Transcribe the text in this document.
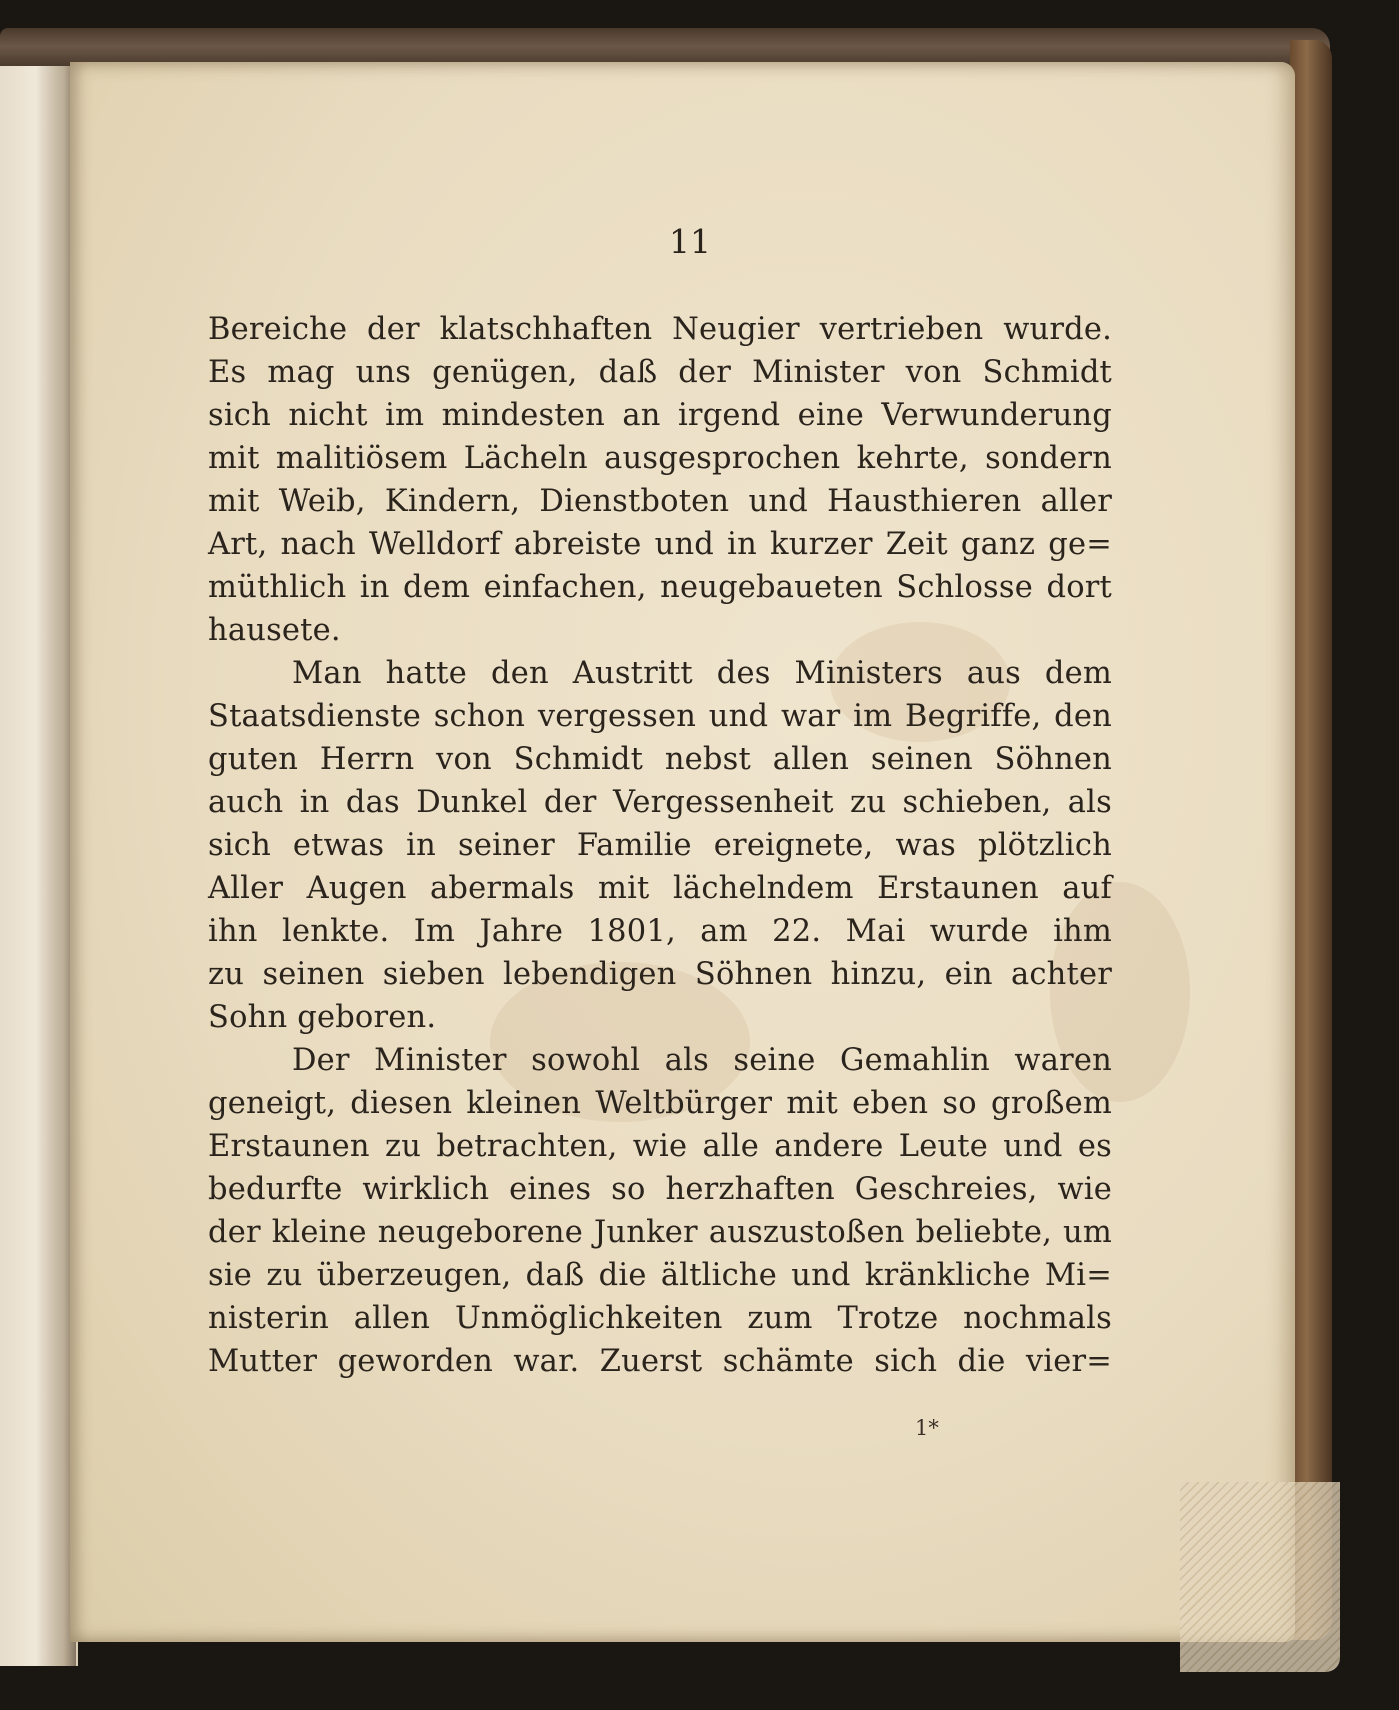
11

Bereiche der klatschhaften Neugier vertrieben wurde.
Es mag uns genügen, daß der Minister von Schmidt
sich nicht im mindesten an irgend eine Verwunderung
mit malitiösem Lächeln ausgesprochen kehrte, sondern
mit Weib, Kindern, Dienstboten und Hausthieren aller
Art, nach Welldorf abreiste und in kurzer Zeit ganz ge=
müthlich in dem einfachen, neugebaueten Schlosse dort
hausete.
Man hatte den Austritt des Ministers aus dem
Staatsdienste schon vergessen und war im Begriffe, den
guten Herrn von Schmidt nebst allen seinen Söhnen
auch in das Dunkel der Vergessenheit zu schieben, als
sich etwas in seiner Familie ereignete, was plötzlich
Aller Augen abermals mit lächelndem Erstaunen auf
ihn lenkte. Im Jahre 1801, am 22. Mai wurde ihm
zu seinen sieben lebendigen Söhnen hinzu, ein achter
Sohn geboren.
Der Minister sowohl als seine Gemahlin waren
geneigt, diesen kleinen Weltbürger mit eben so großem
Erstaunen zu betrachten, wie alle andere Leute und es
bedurfte wirklich eines so herzhaften Geschreies, wie
der kleine neugeborene Junker auszustoßen beliebte, um
sie zu überzeugen, daß die ältliche und kränkliche Mi=
nisterin allen Unmöglichkeiten zum Trotze nochmals
Mutter geworden war. Zuerst schämte sich die vier=
1*
